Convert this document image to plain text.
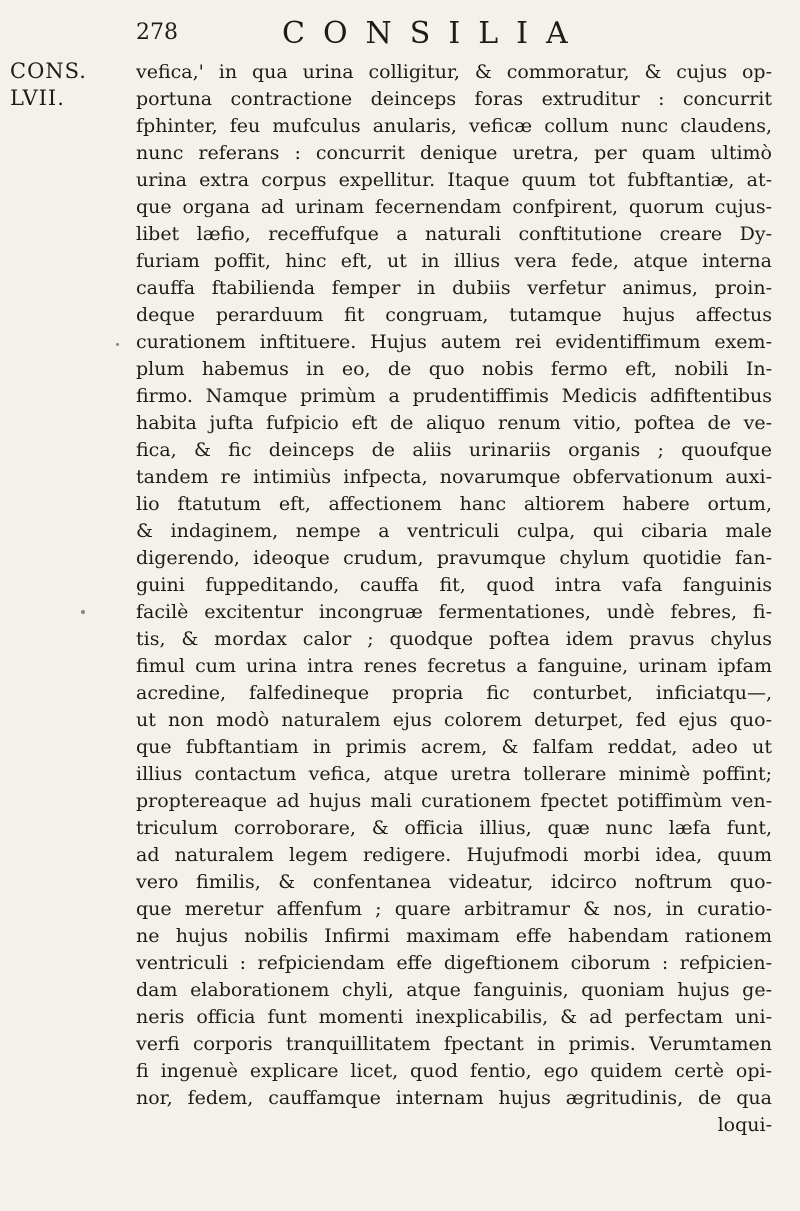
CONS.
LVII.
278	CONSILIA
vefica,' in qua urina colligitur, & commoratur, & cujus op-
portuna contractione deinceps foras extruditur : concurrit
fphinter, feu mufculus anularis, veficæ collum nunc claudens,
nunc referans : concurrit denique uretra, per quam ultimò
urina extra corpus expellitur. Itaque quum tot fubftantiæ, at-
que organa ad urinam fecernendam confpirent, quorum cujus-
libet læfio, receffufque a naturali conftitutione creare Dy-
furiam poffit, hinc eft, ut in illius vera fede, atque interna
cauffa ftabilienda femper in dubiis verfetur animus, proin-
deque perarduum fit congruam, tutamque hujus affectus
curationem inftituere. Hujus autem rei evidentiffimum exem-
plum habemus in eo, de quo nobis fermo eft, nobili In-
firmo. Namque primùm a prudentiffimis Medicis adfiftentibus
habita jufta fufpicio eft de aliquo renum vitio, poftea de ve-
fica, & fic deinceps de aliis urinariis organis ; quoufque
tandem re intimiùs infpecta, novarumque obfervationum auxi-
lio ftatutum eft, affectionem hanc altiorem habere ortum,
& indaginem, nempe a ventriculi culpa, qui cibaria male
digerendo, ideoque crudum, pravumque chylum quotidie fan-
guini fuppeditando, cauffa fit, quod intra vafa fanguinis
facilè excitentur incongruæ fermentationes, undè febres, fi-
tis, & mordax calor ; quodque poftea idem pravus chylus
fimul cum urina intra renes fecretus a fanguine, urinam ipfam
acredine, falfedineque propria fic conturbet, inficiatqu—,
ut non modò naturalem ejus colorem deturpet, fed ejus quo-
que fubftantiam in primis acrem, & falfam reddat, adeo ut
illius contactum vefica, atque uretra tollerare minimè poffint;
proptereaque ad hujus mali curationem fpectet potiffimùm ven-
triculum corroborare, & officia illius, quæ nunc læfa funt,
ad naturalem legem redigere. Hujufmodi morbi idea, quum
vero fimilis, & confentanea videatur, idcirco noftrum quo-
que meretur affenfum ; quare arbitramur & nos, in curatio-
ne hujus nobilis Infirmi maximam effe habendam rationem
ventriculi : refpiciendam effe digeftionem ciborum : refpicien-
dam elaborationem chyli, atque fanguinis, quoniam hujus ge-
neris officia funt momenti inexplicabilis, & ad perfectam uni-
verfi corporis tranquillitatem fpectant in primis. Verumtamen
fi ingenuè explicare licet, quod fentio, ego quidem certè opi-
nor, fedem, cauffamque internam hujus ægritudinis, de qua
loqui-
